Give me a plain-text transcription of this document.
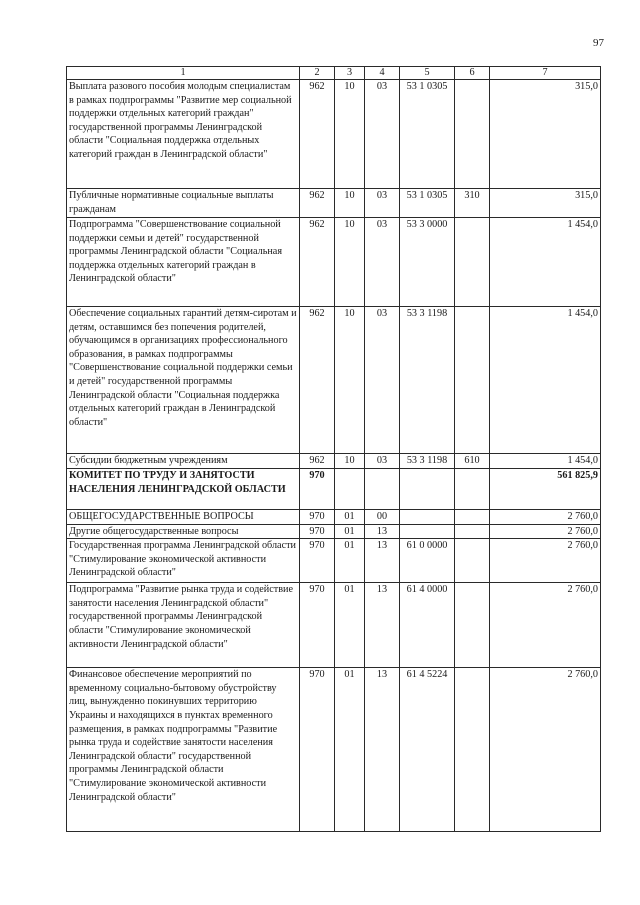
97
1	2	3	4	5	6	7
Выплата разового пособия молодым специалистам в рамках подпрограммы "Развитие мер социальной поддержки отдельных категорий граждан" государственной программы Ленинградской области "Социальная поддержка отдельных категорий граждан в Ленинградской области"	962	10	03	53 1 0305		315,0
Публичные нормативные социальные выплаты гражданам	962	10	03	53 1 0305	310	315,0
Подпрограмма "Совершенствование социальной поддержки семьи и детей" государственной программы Ленинградской области "Социальная поддержка отдельных категорий граждан в Ленинградской области"	962	10	03	53 3 0000		1 454,0
Обеспечение социальных гарантий детям-сиротам и детям, оставшимся без попечения родителей, обучающимся в организациях профессионального образования, в рамках подпрограммы "Совершенствование социальной поддержки семьи и детей" государственной программы Ленинградской области "Социальная поддержка отдельных категорий граждан в Ленинградской области"	962	10	03	53 3 1198		1 454,0
Субсидии бюджетным учреждениям	962	10	03	53 3 1198	610	1 454,0
КОМИТЕТ ПО ТРУДУ И ЗАНЯТОСТИ НАСЕЛЕНИЯ ЛЕНИНГРАДСКОЙ ОБЛАСТИ	970					561 825,9
ОБЩЕГОСУДАРСТВЕННЫЕ ВОПРОСЫ	970	01	00			2 760,0
Другие общегосударственные вопросы	970	01	13			2 760,0
Государственная программа Ленинградской области "Стимулирование экономической активности Ленинградской области"	970	01	13	61 0 0000		2 760,0
Подпрограмма "Развитие рынка труда и содействие занятости населения Ленинградской области" государственной программы Ленинградской области "Стимулирование экономической активности Ленинградской области"	970	01	13	61 4 0000		2 760,0
Финансовое обеспечение мероприятий по временному социально-бытовому обустройству лиц, вынужденно покинувших территорию Украины и находящихся в пунктах временного размещения, в рамках подпрограммы "Развитие рынка труда и содействие занятости населения Ленинградской области" государственной программы Ленинградской области "Стимулирование экономической активности Ленинградской области"	970	01	13	61 4 5224		2 760,0
